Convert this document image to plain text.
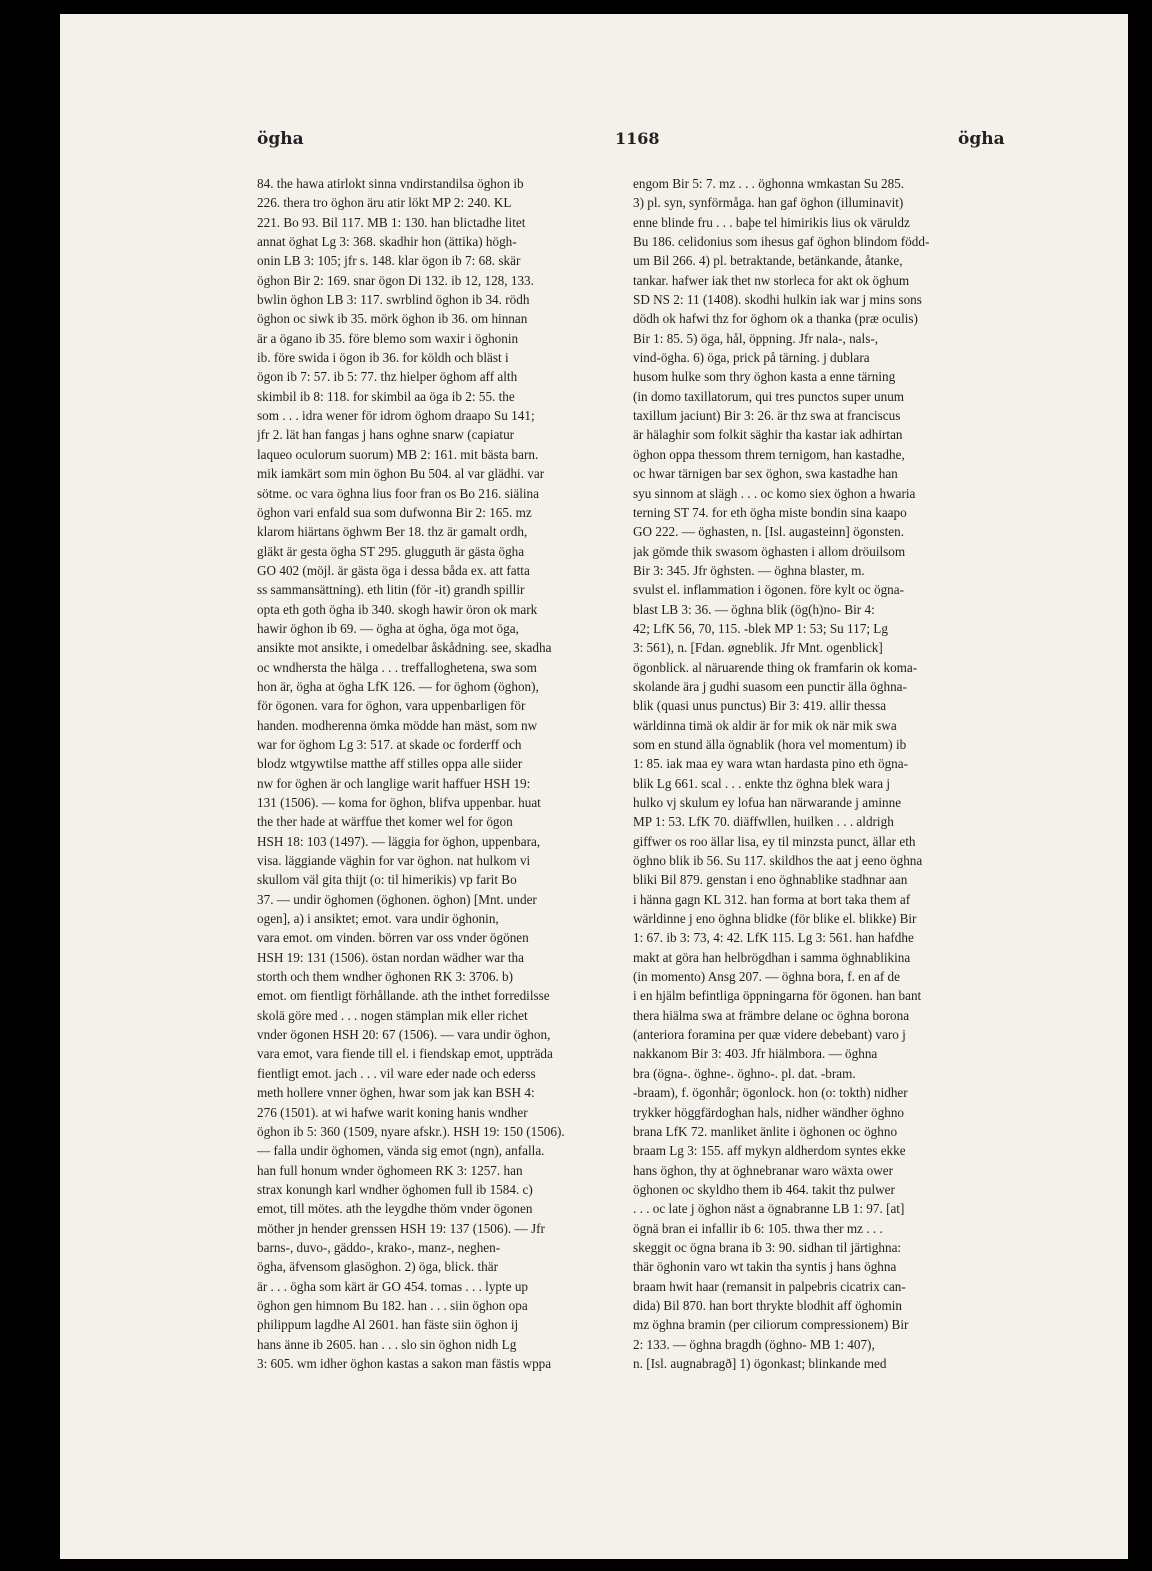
ögha	1168	ögha

84. the hawa atirlokt sinna vndirstandilsa öghon ib

226. thera tro öghon äru atir lökt MP 2: 240. KL

221. Bo 93. Bil 117. MB 1: 130. han blictadhe litet

annat öghat Lg 3: 368. skadhir hon (ättika) högh-

onin LB 3: 105; jfr s. 148. klar ögon ib 7: 68. skär

öghon Bir 2: 169. snar ögon Di 132. ib 12, 128, 133.

bwlin öghon LB 3: 117. swrblind öghon ib 34. rödh

öghon oc siwk ib 35. mörk öghon ib 36. om hinnan

är a ögano ib 35. före blemo som waxir i öghonin

ib. före swida i ögon ib 36. for köldh och bläst i

ögon ib 7: 57. ib 5: 77. thz hielper öghom aff alth

skimbil ib 8: 118. for skimbil aa öga ib 2: 55. the

som . . . idra wener för idrom öghom draapo Su 141;

jfr 2. lät han fangas j hans oghne snarw (capiatur

laqueo oculorum suorum) MB 2: 161. mit bästa barn.

mik iamkärt som min öghon Bu 504. al var glädhi. var

sötme. oc vara öghna lius foor fran os Bo 216. siälina

öghon vari enfald sua som dufwonna Bir 2: 165. mz

klarom hiärtans öghwm Ber 18. thz är gamalt ordh,

gläkt är gesta ögha ST 295. glugguth är gästa ögha

GO 402 (möjl. är gästa öga i dessa båda ex. att fatta

ss sammansättning). eth litin (för -it) grandh spillir

opta eth goth ögha ib 340. skogh hawir öron ok mark

hawir öghon ib 69. — ögha at ögha, öga mot öga,

ansikte mot ansikte, i omedelbar åskådning. see, skadha

oc wndhersta the hälga . . . treffalloghetena, swa som

hon är, ögha at ögha LfK 126. — for öghom (öghon),

för ögonen. vara for öghon, vara uppenbarligen för

handen. modherenna ömka mödde han mäst, som nw

war for öghom Lg 3: 517. at skade oc forderff och

blodz wtgywtilse matthe aff stilles oppa alle siider

nw for öghen är och langlige warit haffuer HSH 19:

131 (1506). — koma for öghon, blifva uppenbar. huat

the ther hade at wärffue thet komer wel for ögon

HSH 18: 103 (1497). — läggia for öghon, uppenbara,

visa. läggiande väghin for var öghon. nat hulkom vi

skullom väl gita thijt (o: til himerikis) vp farit Bo

37. — undir öghomen (öghonen. öghon) [Mnt. under

ogen], a) i ansiktet; emot. vara undir öghonin,

vara emot. om vinden. börren var oss vnder ögönen

HSH 19: 131 (1506). östan nordan wädher war tha

storth och them wndher öghonen RK 3: 3706. b)

emot. om fientligt förhållande. ath the inthet forredilsse

skolä göre med . . . nogen stämplan mik eller richet

vnder ögonen HSH 20: 67 (1506). — vara undir öghon,

vara emot, vara fiende till el. i fiendskap emot, uppträda

fientligt emot. jach . . . vil ware eder nade och ederss

meth hollere vnner öghen, hwar som jak kan BSH 4:

276 (1501). at wi hafwe warit koning hanis wndher

öghon ib 5: 360 (1509, nyare afskr.). HSH 19: 150 (1506).

— falla undir öghomen, vända sig emot (ngn), anfalla.

han full honum wnder öghomeen RK 3: 1257. han

strax konungh karl wndher öghomen full ib 1584. c)

emot, till mötes. ath the leygdhe thöm vnder ögonen

möther jn hender grenssen HSH 19: 137 (1506). — Jfr

barns-, duvo-, gäddo-, krako-, manz-, neghen-

ögha, äfvensom glasöghon. 2) öga, blick. thär

är . . . ögha som kärt är GO 454. tomas . . . lypte up

öghon gen himnom Bu 182. han . . . siin öghon opa

philippum lagdhe Al 2601. han fäste siin öghon ij

hans änne ib 2605. han . . . slo sin öghon nidh Lg

3: 605. wm idher öghon kastas a sakon man fästis wppa

engom Bir 5: 7. mz . . . öghonna wmkastan Su 285.

3) pl. syn, synförmåga. han gaf öghon (illuminavit)

enne blinde fru . . . baþe tel himirikis lius ok väruldz

Bu 186. celidonius som ihesus gaf öghon blindom född-

um Bil 266. 4) pl. betraktande, betänkande, åtanke,

tankar. hafwer iak thet nw storleca for akt ok öghum

SD NS 2: 11 (1408). skodhi hulkin iak war j mins sons

dödh ok hafwi thz for öghom ok a thanka (præ oculis)

Bir 1: 85. 5) öga, hål, öppning. Jfr nala-, nals-,

vind-ögha. 6) öga, prick på tärning. j dublara

husom hulke som thry öghon kasta a enne tärning

(in domo taxillatorum, qui tres punctos super unum

taxillum jaciunt) Bir 3: 26. är thz swa at franciscus

är hälaghir som folkit säghir tha kastar iak adhirtan

öghon oppa thessom threm ternigom, han kastadhe,

oc hwar tärnigen bar sex öghon, swa kastadhe han

syu sinnom at slägh . . . oc komo siex öghon a hwaria

terning ST 74. for eth ögha miste bondin sina kaapo

GO 222. — öghasten, n. [Isl. augasteinn] ögonsten.

jak gömde thik swasom öghasten i allom dröuilsom

Bir 3: 345. Jfr öghsten. — öghna blaster, m.

svulst el. inflammation i ögonen. före kylt oc ögna-

blast LB 3: 36. — öghna blik (ög(h)no- Bir 4:

42; LfK 56, 70, 115. -blek MP 1: 53; Su 117; Lg

3: 561), n. [Fdan. øgneblik. Jfr Mnt. ogenblick]

ögonblick. al näruarende thing ok framfarin ok koma-

skolande ära j gudhi suasom een punctir älla öghna-

blik (quasi unus punctus) Bir 3: 419. allir thessa

wärldinna timä ok aldir är for mik ok när mik swa

som en stund älla ögnablik (hora vel momentum) ib

1: 85. iak maa ey wara wtan hardasta pino eth ögna-

blik Lg 661. scal . . . enkte thz öghna blek wara j

hulko vj skulum ey lofua han närwarande j aminne

MP 1: 53. LfK 70. diäffwllen, huilken . . . aldrigh

giffwer os roo ällar lisa, ey til minzsta punct, ällar eth

öghno blik ib 56. Su 117. skildhos the aat j eeno öghna

bliki Bil 879. genstan i eno öghnablike stadhnar aan

i hänna gagn KL 312. han forma at bort taka them af

wärldinne j eno öghna blidke (för blike el. blikke) Bir

1: 67. ib 3: 73, 4: 42. LfK 115. Lg 3: 561. han hafdhe

makt at göra han helbrögdhan i samma öghnablikina

(in momento) Ansg 207. — öghna bora, f. en af de

i en hjälm befintliga öppningarna för ögonen. han bant

thera hiälma swa at främbre delane oc öghna borona

(anteriora foramina per quæ videre debebant) varo j

nakkanom Bir 3: 403. Jfr hiälmbora. — öghna

bra (ögna-. öghne-. öghno-. pl. dat. -bram.

-braam), f. ögonhår; ögonlock. hon (o: tokth) nidher

trykker höggfärdoghan hals, nidher wändher öghno

brana LfK 72. manliket änlite i öghonen oc öghno

braam Lg 3: 155. aff mykyn aldherdom syntes ekke

hans öghon, thy at öghnebranar waro wäxta ower

öghonen oc skyldho them ib 464. takit thz pulwer

. . . oc late j öghon näst a ögnabranne LB 1: 97. [at]

ögnä bran ei infallir ib 6: 105. thwa ther mz . . .

skeggit oc ögna brana ib 3: 90. sidhan til järtighna:

thär öghonin varo wt takin tha syntis j hans öghna

braam hwit haar (remansit in palpebris cicatrix can-

dida) Bil 870. han bort thrykte blodhit aff öghomin

mz öghna bramin (per ciliorum compressionem) Bir

2: 133. — öghna bragdh (öghno- MB 1: 407),

n. [Isl. augnabragð] 1) ögonkast; blinkande med
